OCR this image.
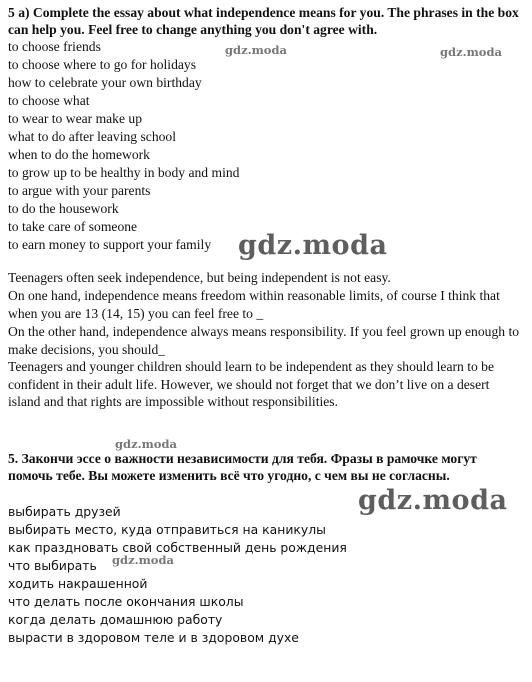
5 a) Complete the essay about what independence means for you. The phrases in the box can help you. Feel free to change anything you don't agree with.

to choose friends
to choose where to go for holidays
how to celebrate your own birthday
to choose what
to wear to wear make up
what to do after leaving school
when to do the homework
to grow up to be healthy in body and mind
to argue with your parents
to do the housework
to take care of someone
to earn money to support your family

Teenagers often seek independence, but being independent is not easy.

On one hand, independence means freedom within reasonable limits, of course I think that when you are 13 (14, 15) you can feel free to _

On the other hand, independence always means responsibility. If you feel grown up enough to make decisions, you should_

Teenagers and younger children should learn to be independent as they should learn to be confident in their adult life. However, we should not forget that we don’t live on a desert island and that rights are impossible without responsibilities.

5. Закончи эссе о важности независимости для тебя. Фразы в рамочке могут помочь тебе. Вы можете изменить всё что угодно, с чем вы не согласны.

выбирать друзей
выбирать место, куда отправиться на каникулы
как праздновать свой собственный день рождения
что выбирать
ходить накрашенной
что делать после окончания школы
когда делать домашнюю работу
вырасти в здоровом теле и в здоровом духе
gdz.moda	gdz.moda
gdz.moda
gdz.moda
gdz.moda
gdz.moda
